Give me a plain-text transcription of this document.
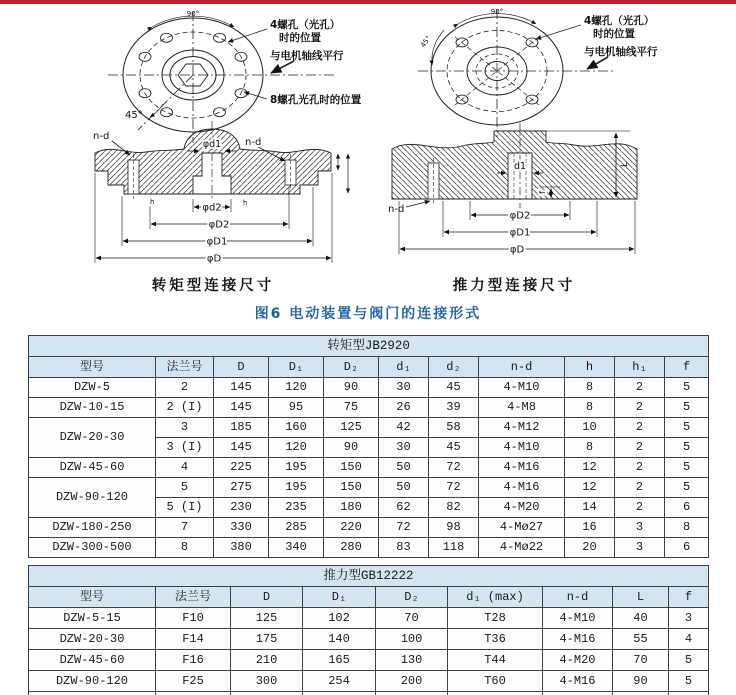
90°
45°
4螺孔（光孔）
时的位置
与电机轴线平行
8螺孔光孔时的位置
90°
45°
4螺孔（光孔）
时的位置
与电机轴线平行
φd1
φd2
φD2
φD1
φD
n-d
n-d
h	h
转矩型连接尺寸
d1
φD2
φD1
φD
n-d
L
f
推力型连接尺寸
图6 电动装置与阀门的连接形式
转矩型JB2920										
型号	法兰号	D	D₁	D₂	d₁	d₂	n-d	h	h₁	f
DZW-5	2	145	120	90	30	45	4-M10	8	2	5
DZW-10-15	2 (I)	145	95	75	26	39	4-M8	8	2	5
DZW-20-30	3	185	160	125	42	58	4-M12	10	2	5
	3 (I)	145	120	90	30	45	4-M10	8	2	5
DZW-45-60	4	225	195	150	50	72	4-M16	12	2	5
DZW-90-120	5	275	195	150	50	72	4-M16	12	2	5
	5 (I)	230	235	180	62	82	4-M20	14	2	6
DZW-180-250	7	330	285	220	72	98	4-Mø27	16	3	8
DZW-300-500	8	380	340	280	83	118	4-Mø22	20	3	6
推力型GB12222								
型号	法兰号	D	D₁	D₂	d₁ (max)	n-d	L	f
DZW-5-15	F10	125	102	70	T28	4-M10	40	3
DZW-20-30	F14	175	140	100	T36	4-M16	55	4
DZW-45-60	F16	210	165	130	T44	4-M20	70	5
DZW-90-120	F25	300	254	200	T60	4-M16	90	5
